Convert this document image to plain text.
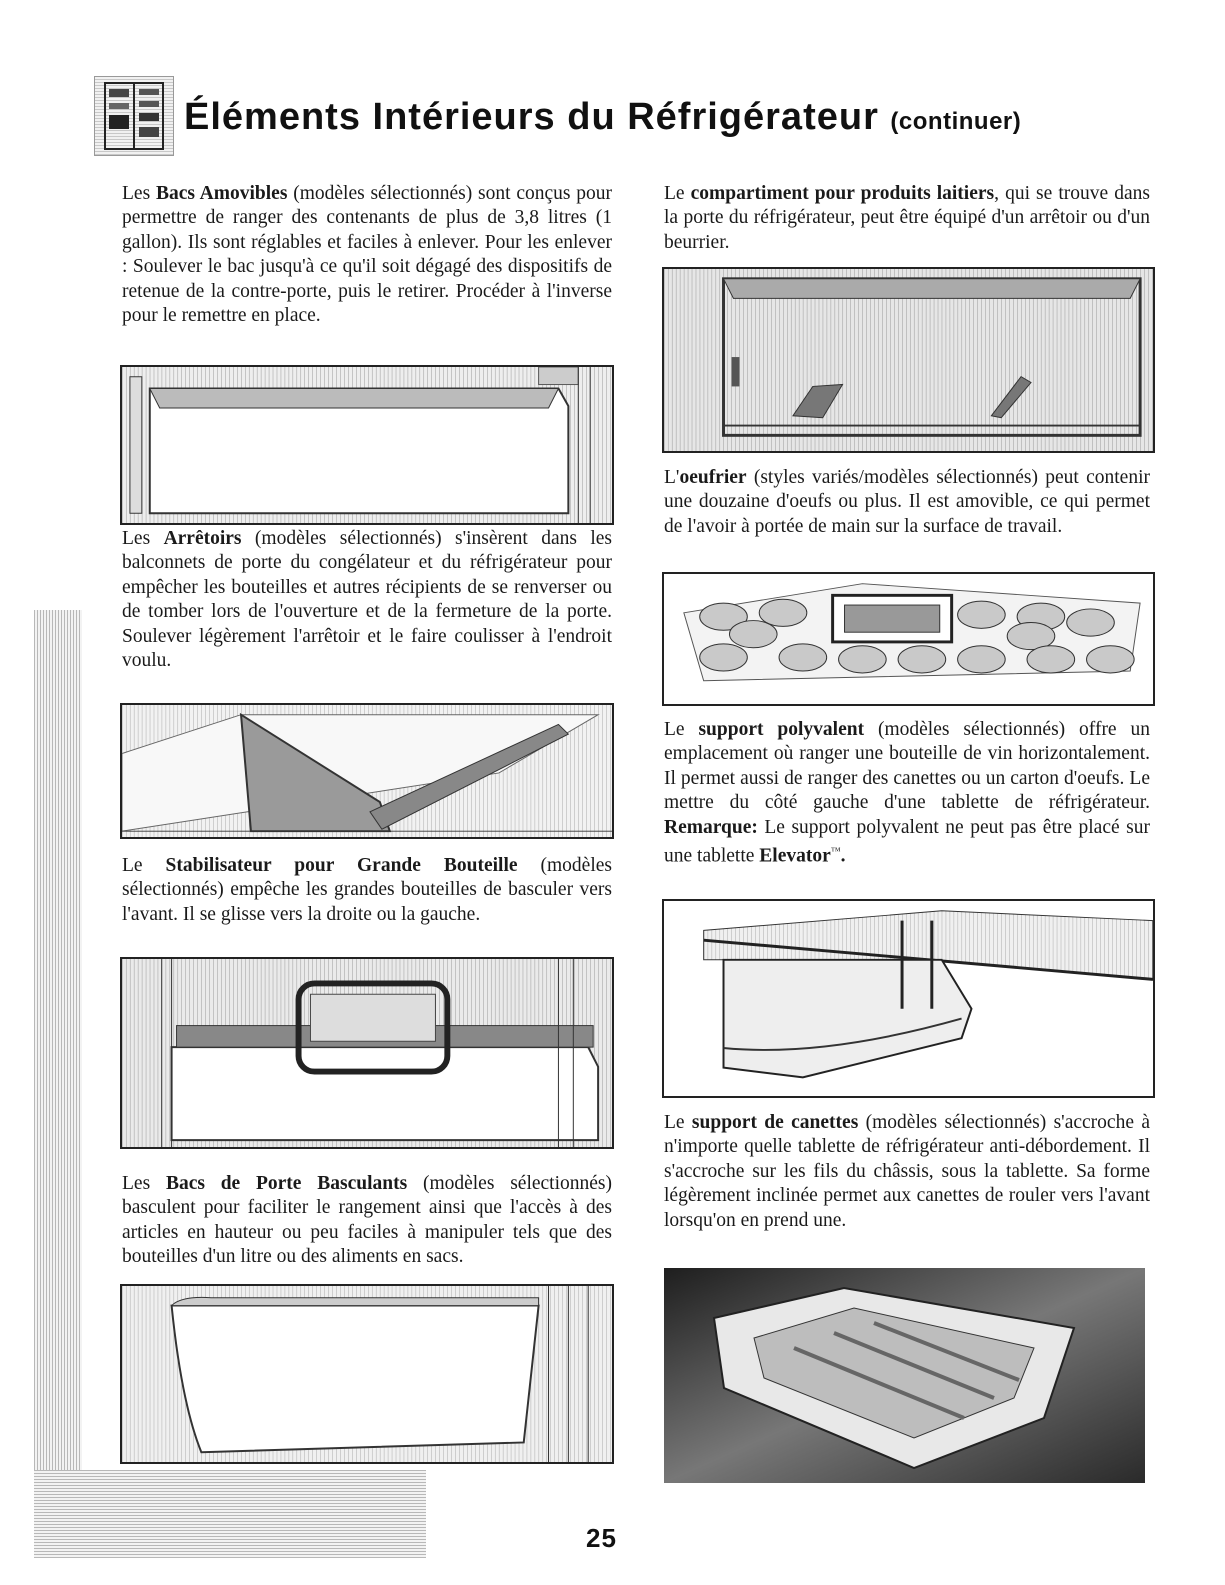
Éléments Intérieurs du Réfrigérateur (continuer)

Les Bacs Amovibles (modèles sélectionnés) sont conçus pour permettre de ranger des contenants de plus de 3,8 litres (1 gallon). Ils sont réglables et faciles à enlever. Pour les enlever : Soulever le bac jusqu'à ce qu'il soit dégagé des dispositifs de retenue de la contre-porte, puis le retirer. Procéder à l'inverse pour le remettre en place.

Les Arrêtoirs (modèles sélectionnés) s'insèrent dans les balconnets de porte du congélateur et du réfrigérateur pour empêcher les bouteilles et autres récipients de se renverser ou de tomber lors de l'ouverture et de la fermeture de la porte. Soulever légèrement l'arrêtoir et le faire coulisser à l'endroit voulu.

Le Stabilisateur pour Grande Bouteille (modèles sélectionnés) empêche les grandes bouteilles de basculer vers l'avant. Il se glisse vers la droite ou la gauche.

Les Bacs de Porte Basculants (modèles sélectionnés) basculent pour faciliter le rangement ainsi que l'accès à des articles en hauteur ou peu faciles à manipuler tels que des bouteilles d'un litre ou des aliments en sacs.

Le compartiment pour produits laitiers, qui se trouve dans la porte du réfrigérateur, peut être équipé d'un arrêtoir ou d'un beurrier.

L'oeufrier (styles variés/modèles sélectionnés) peut contenir une douzaine d'oeufs ou plus. Il est amovible, ce qui permet de l'avoir à portée de main sur la surface de travail.

Le support polyvalent (modèles sélectionnés) offre un emplacement où ranger une bouteille de vin horizontalement. Il permet aussi de ranger des canettes ou un carton d'oeufs. Le mettre du côté gauche d'une tablette de réfrigérateur. Remarque: Le support polyvalent ne peut pas être placé sur une tablette Elevator™.

Le support de canettes (modèles sélectionnés) s'accroche à n'importe quelle tablette de réfrigérateur anti-débordement. Il s'accroche sur les fils du châssis, sous la tablette. Sa forme légèrement inclinée permet aux canettes de rouler vers l'avant lorsqu'on en prend une.

25
